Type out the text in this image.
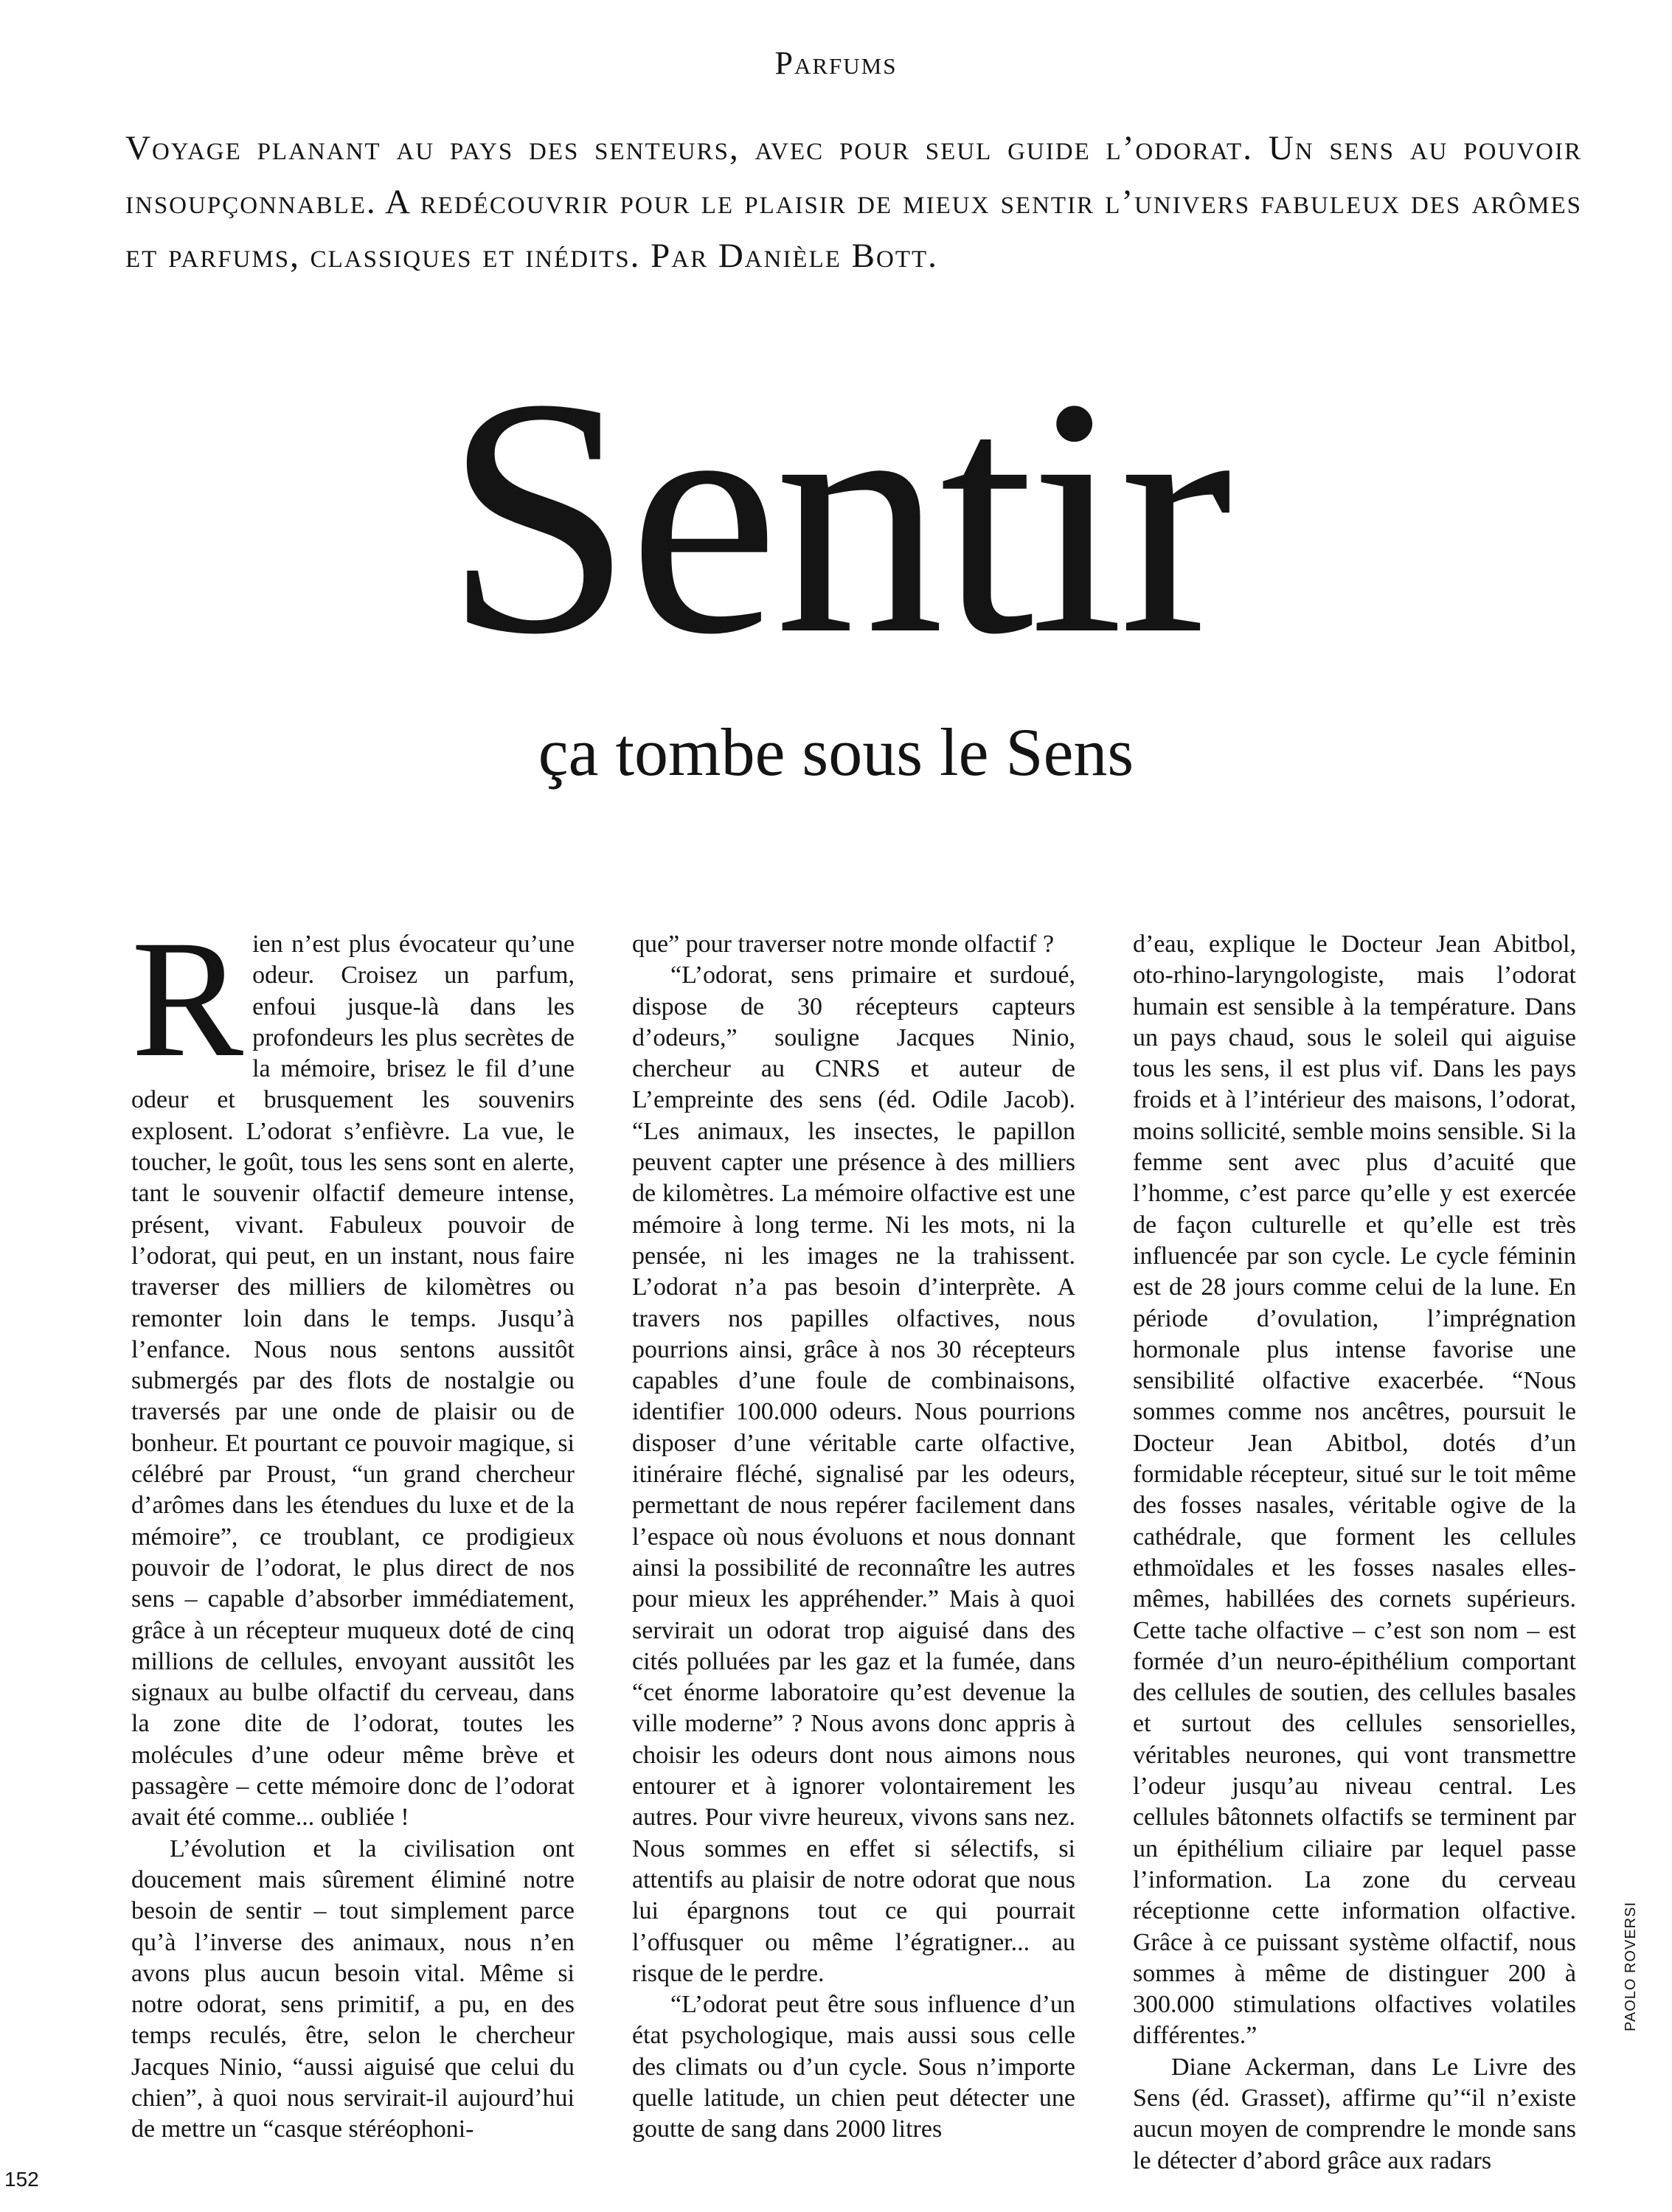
Parfums
Voyage planant au pays des senteurs, avec pour seul guide l’odorat. Un sens au pouvoir insoupçonnable. A redécouvrir pour le plaisir de mieux sentir l’univers fabuleux des arômes et parfums, classiques et inédits. Par Danièle Bott.
Sentir
ça tombe sous le Sens

Rien n’est plus évocateur qu’une odeur. Croisez un parfum, enfoui jusque-là dans les profondeurs les plus secrètes de la mémoire, brisez le fil d’une odeur et brusquement les souvenirs explosent. L’odorat s’enfièvre. La vue, le toucher, le goût, tous les sens sont en alerte, tant le souvenir olfactif demeure intense, présent, vivant. Fabuleux pouvoir de l’odorat, qui peut, en un instant, nous faire traverser des milliers de kilomètres ou remonter loin dans le temps. Jusqu’à l’enfance. Nous nous sentons aussitôt submergés par des flots de nostalgie ou traversés par une onde de plaisir ou de bonheur. Et pourtant ce pouvoir magique, si célébré par Proust, “un grand chercheur d’arômes dans les étendues du luxe et de la mémoire”, ce troublant, ce prodigieux pouvoir de l’odorat, le plus direct de nos sens – capable d’absorber immédiatement, grâce à un récepteur muqueux doté de cinq millions de cellules, envoyant aussitôt les signaux au bulbe olfactif du cerveau, dans la zone dite de l’odorat, toutes les molécules d’une odeur même brève et passagère – cette mémoire donc de l’odorat avait été comme... oubliée !

L’évolution et la civilisation ont doucement mais sûrement éliminé notre besoin de sentir – tout simplement parce qu’à l’inverse des animaux, nous n’en avons plus aucun besoin vital. Même si notre odorat, sens primitif, a pu, en des temps reculés, être, selon le chercheur Jacques Ninio, “aussi aiguisé que celui du chien”, à quoi nous servirait-il aujourd’hui de mettre un “casque stéréophoni-

que” pour traverser notre monde olfactif ?

“L’odorat, sens primaire et surdoué, dispose de 30 récepteurs capteurs d’odeurs,” souligne Jacques Ninio, chercheur au CNRS et auteur de L’empreinte des sens (éd. Odile Jacob). “Les animaux, les insectes, le papillon peuvent capter une présence à des milliers de kilomètres. La mémoire olfactive est une mémoire à long terme. Ni les mots, ni la pensée, ni les images ne la trahissent. L’odorat n’a pas besoin d’interprète. A travers nos papilles olfactives, nous pourrions ainsi, grâce à nos 30 récepteurs capables d’une foule de combinaisons, identifier 100.000 odeurs. Nous pourrions disposer d’une véritable carte olfactive, itinéraire fléché, signalisé par les odeurs, permettant de nous repérer facilement dans l’espace où nous évoluons et nous donnant ainsi la possibilité de reconnaître les autres pour mieux les appréhender.” Mais à quoi servirait un odorat trop aiguisé dans des cités polluées par les gaz et la fumée, dans “cet énorme laboratoire qu’est devenue la ville moderne” ? Nous avons donc appris à choisir les odeurs dont nous aimons nous entourer et à ignorer volontairement les autres. Pour vivre heureux, vivons sans nez. Nous sommes en effet si sélectifs, si attentifs au plaisir de notre odorat que nous lui épargnons tout ce qui pourrait l’offusquer ou même l’égratigner... au risque de le perdre.

“L’odorat peut être sous influence d’un état psychologique, mais aussi sous celle des climats ou d’un cycle. Sous n’importe quelle latitude, un chien peut détecter une goutte de sang dans 2000 litres

d’eau, explique le Docteur Jean Abitbol, oto-rhino-laryngologiste, mais l’odorat humain est sensible à la température. Dans un pays chaud, sous le soleil qui aiguise tous les sens, il est plus vif. Dans les pays froids et à l’intérieur des maisons, l’odorat, moins sollicité, semble moins sensible. Si la femme sent avec plus d’acuité que l’homme, c’est parce qu’elle y est exercée de façon culturelle et qu’elle est très influencée par son cycle. Le cycle féminin est de 28 jours comme celui de la lune. En période d’ovulation, l’imprégnation hormonale plus intense favorise une sensibilité olfactive exacerbée. “Nous sommes comme nos ancêtres, poursuit le Docteur Jean Abitbol, dotés d’un formidable récepteur, situé sur le toit même des fosses nasales, véritable ogive de la cathédrale, que forment les cellules ethmoïdales et les fosses nasales elles-mêmes, habillées des cornets supérieurs. Cette tache olfactive – c’est son nom – est formée d’un neuro-épithélium comportant des cellules de soutien, des cellules basales et surtout des cellules sensorielles, véritables neurones, qui vont transmettre l’odeur jusqu’au niveau central. Les cellules bâtonnets olfactifs se terminent par un épithélium ciliaire par lequel passe l’information. La zone du cerveau réceptionne cette information olfactive. Grâce à ce puissant système olfactif, nous sommes à même de distinguer 200 à 300.000 stimulations olfactives volatiles différentes.”

Diane Ackerman, dans Le Livre des Sens (éd. Grasset), affirme qu’“il n’existe aucun moyen de comprendre le monde sans le détecter d’abord grâce aux radars

152
PAOLO ROVERSI
